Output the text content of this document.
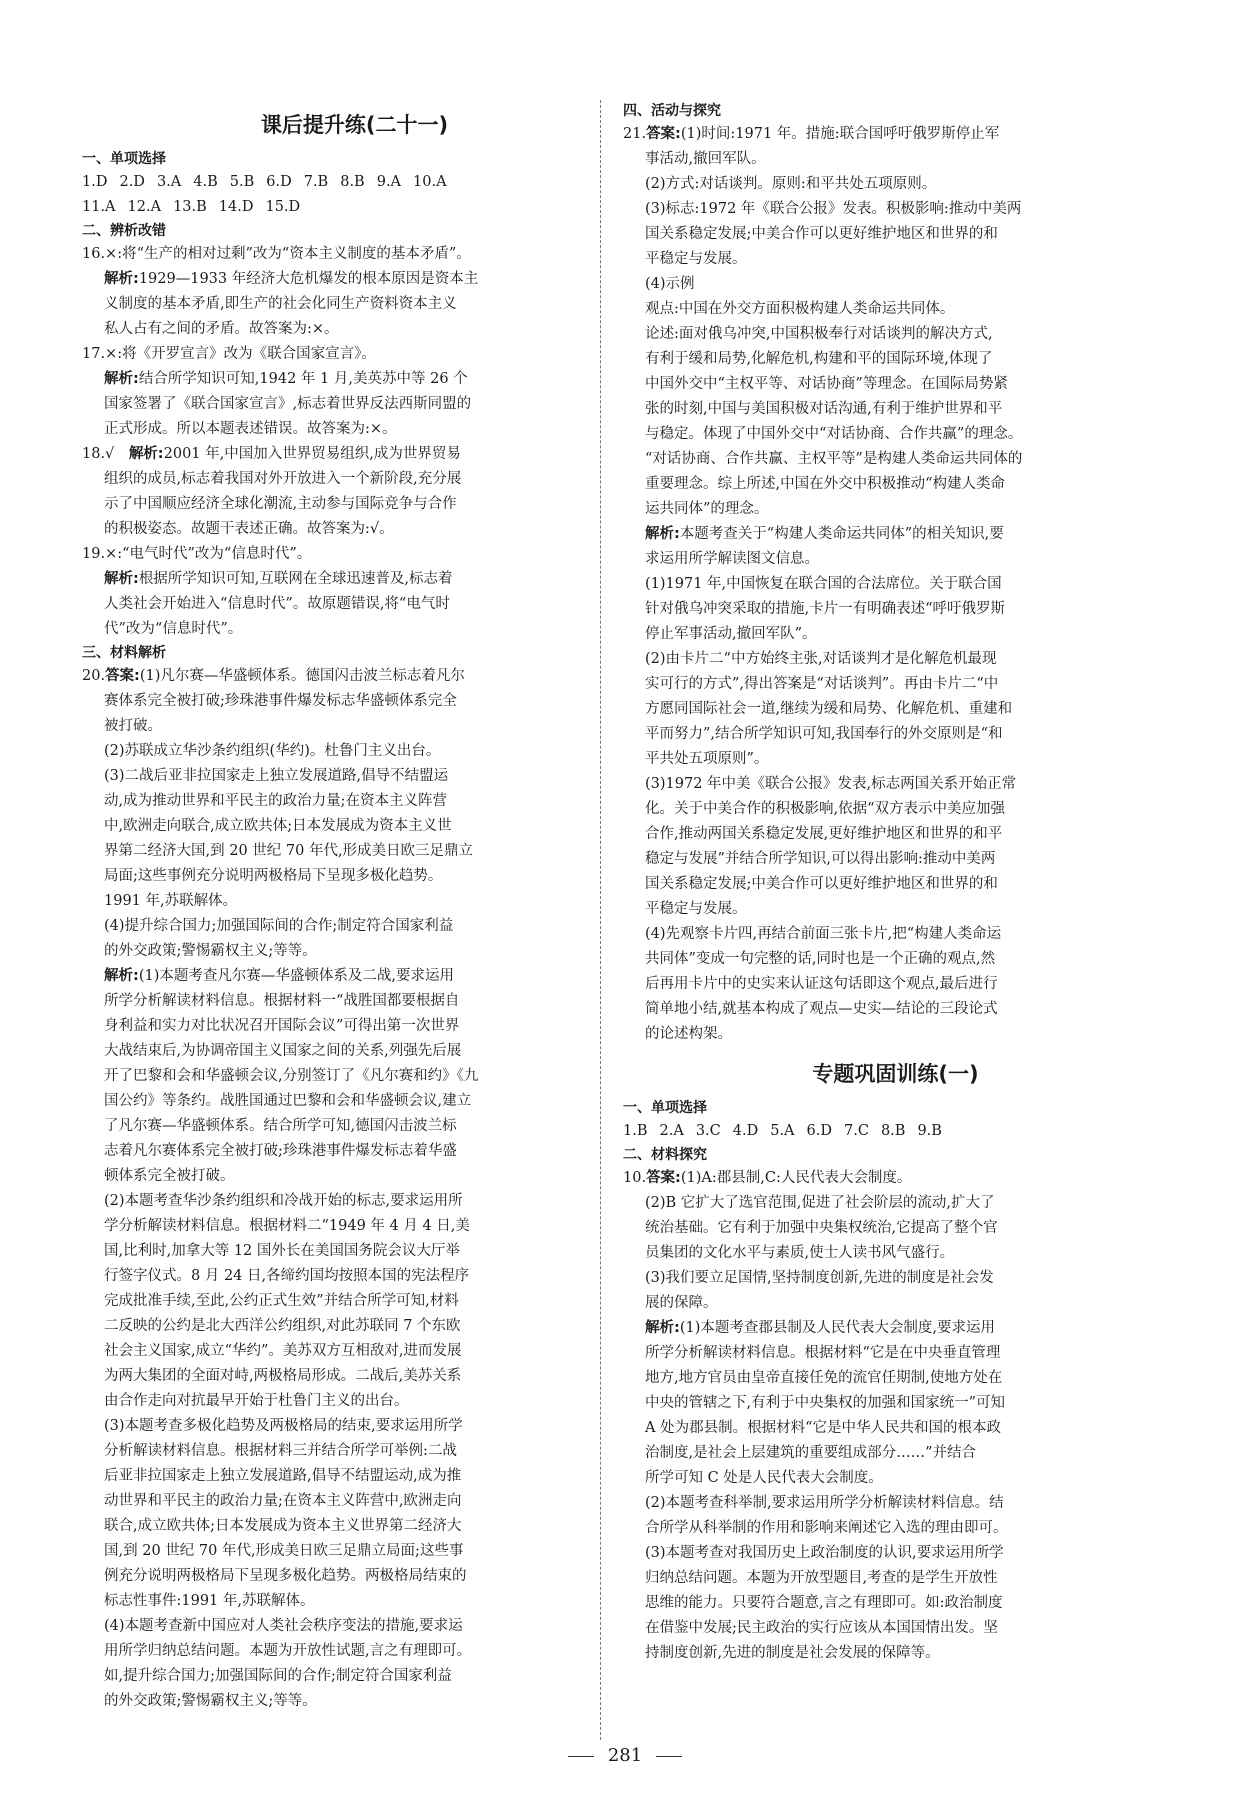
课后提升练(二十一)
一、单项选择
1.D 2.D 3.A 4.B 5.B 6.D 7.B 8.B 9.A 10.A
11.A 12.A 13.B 14.D 15.D
二、辨析改错
16.×:将“生产的相对过剩”改为“资本主义制度的基本矛盾”。
解析:1929—1933 年经济大危机爆发的根本原因是资本主
义制度的基本矛盾,即生产的社会化同生产资料资本主义
私人占有之间的矛盾。故答案为:×。
17.×:将《开罗宣言》改为《联合国家宣言》。
解析:结合所学知识可知,1942 年 1 月,美英苏中等 26 个
国家签署了《联合国家宣言》,标志着世界反法西斯同盟的
正式形成。所以本题表述错误。故答案为:×。
18.√　解析:2001 年,中国加入世界贸易组织,成为世界贸易
组织的成员,标志着我国对外开放进入一个新阶段,充分展
示了中国顺应经济全球化潮流,主动参与国际竞争与合作
的积极姿态。故题干表述正确。故答案为:√。
19.×:“电气时代”改为“信息时代”。
解析:根据所学知识可知,互联网在全球迅速普及,标志着
人类社会开始进入“信息时代”。故原题错误,将“电气时
代”改为“信息时代”。
三、材料解析
20.答案:(1)凡尔赛—华盛顿体系。德国闪击波兰标志着凡尔
赛体系完全被打破;珍珠港事件爆发标志华盛顿体系完全
被打破。
(2)苏联成立华沙条约组织(华约)。杜鲁门主义出台。
(3)二战后亚非拉国家走上独立发展道路,倡导不结盟运
动,成为推动世界和平民主的政治力量;在资本主义阵营
中,欧洲走向联合,成立欧共体;日本发展成为资本主义世
界第二经济大国,到 20 世纪 70 年代,形成美日欧三足鼎立
局面;这些事例充分说明两极格局下呈现多极化趋势。
1991 年,苏联解体。
(4)提升综合国力;加强国际间的合作;制定符合国家利益
的外交政策;警惕霸权主义;等等。
解析:(1)本题考查凡尔赛—华盛顿体系及二战,要求运用
所学分析解读材料信息。根据材料一“战胜国都要根据自
身利益和实力对比状况召开国际会议”可得出第一次世界
大战结束后,为协调帝国主义国家之间的关系,列强先后展
开了巴黎和会和华盛顿会议,分别签订了《凡尔赛和约》《九
国公约》等条约。战胜国通过巴黎和会和华盛顿会议,建立
了凡尔赛—华盛顿体系。结合所学可知,德国闪击波兰标
志着凡尔赛体系完全被打破;珍珠港事件爆发标志着华盛
顿体系完全被打破。
(2)本题考查华沙条约组织和冷战开始的标志,要求运用所
学分析解读材料信息。根据材料二“1949 年 4 月 4 日,美
国,比利时,加拿大等 12 国外长在美国国务院会议大厅举
行签字仪式。8 月 24 日,各缔约国均按照本国的宪法程序
完成批准手续,至此,公约正式生效”并结合所学可知,材料
二反映的公约是北大西洋公约组织,对此苏联同 7 个东欧
社会主义国家,成立“华约”。美苏双方互相敌对,进而发展
为两大集团的全面对峙,两极格局形成。二战后,美苏关系
由合作走向对抗最早开始于杜鲁门主义的出台。
(3)本题考查多极化趋势及两极格局的结束,要求运用所学
分析解读材料信息。根据材料三并结合所学可举例:二战
后亚非拉国家走上独立发展道路,倡导不结盟运动,成为推
动世界和平民主的政治力量;在资本主义阵营中,欧洲走向
联合,成立欧共体;日本发展成为资本主义世界第二经济大
国,到 20 世纪 70 年代,形成美日欧三足鼎立局面;这些事
例充分说明两极格局下呈现多极化趋势。两极格局结束的
标志性事件:1991 年,苏联解体。
(4)本题考查新中国应对人类社会秩序变法的措施,要求运
用所学归纳总结问题。本题为开放性试题,言之有理即可。
如,提升综合国力;加强国际间的合作;制定符合国家利益
的外交政策;警惕霸权主义;等等。
四、活动与探究
21.答案:(1)时间:1971 年。措施:联合国呼吁俄罗斯停止军
事活动,撤回军队。
(2)方式:对话谈判。原则:和平共处五项原则。
(3)标志:1972 年《联合公报》发表。积极影响:推动中美两
国关系稳定发展;中美合作可以更好维护地区和世界的和
平稳定与发展。
(4)示例
观点:中国在外交方面积极构建人类命运共同体。
论述:面对俄乌冲突,中国积极奉行对话谈判的解决方式,
有利于缓和局势,化解危机,构建和平的国际环境,体现了
中国外交中“主权平等、对话协商”等理念。在国际局势紧
张的时刻,中国与美国积极对话沟通,有利于维护世界和平
与稳定。体现了中国外交中“对话协商、合作共赢”的理念。
“对话协商、合作共赢、主权平等”是构建人类命运共同体的
重要理念。综上所述,中国在外交中积极推动“构建人类命
运共同体”的理念。
解析:本题考查关于“构建人类命运共同体”的相关知识,要
求运用所学解读图文信息。
(1)1971 年,中国恢复在联合国的合法席位。关于联合国
针对俄乌冲突采取的措施,卡片一有明确表述“呼吁俄罗斯
停止军事活动,撤回军队”。
(2)由卡片二“中方始终主张,对话谈判才是化解危机最现
实可行的方式”,得出答案是“对话谈判”。再由卡片二“中
方愿同国际社会一道,继续为缓和局势、化解危机、重建和
平而努力”,结合所学知识可知,我国奉行的外交原则是“和
平共处五项原则”。
(3)1972 年中美《联合公报》发表,标志两国关系开始正常
化。关于中美合作的积极影响,依据“双方表示中美应加强
合作,推动两国关系稳定发展,更好维护地区和世界的和平
稳定与发展”并结合所学知识,可以得出影响:推动中美两
国关系稳定发展;中美合作可以更好维护地区和世界的和
平稳定与发展。
(4)先观察卡片四,再结合前面三张卡片,把“构建人类命运
共同体”变成一句完整的话,同时也是一个正确的观点,然
后再用卡片中的史实来认证这句话即这个观点,最后进行
简单地小结,就基本构成了观点—史实—结论的三段论式
的论述构架。
专题巩固训练(一)
一、单项选择
1.B 2.A 3.C 4.D 5.A 6.D 7.C 8.B 9.B
二、材料探究
10.答案:(1)A:郡县制,C:人民代表大会制度。
(2)B 它扩大了选官范围,促进了社会阶层的流动,扩大了
统治基础。它有利于加强中央集权统治,它提高了整个官
员集团的文化水平与素质,使士人读书风气盛行。
(3)我们要立足国情,坚持制度创新,先进的制度是社会发
展的保障。
解析:(1)本题考查郡县制及人民代表大会制度,要求运用
所学分析解读材料信息。根据材料“它是在中央垂直管理
地方,地方官员由皇帝直接任免的流官任期制,使地方处在
中央的管辖之下,有利于中央集权的加强和国家统一”可知
A 处为郡县制。根据材料“它是中华人民共和国的根本政
治制度,是社会上层建筑的重要组成部分……”并结合
所学可知 C 处是人民代表大会制度。
(2)本题考查科举制,要求运用所学分析解读材料信息。结
合所学从科举制的作用和影响来阐述它入选的理由即可。
(3)本题考查对我国历史上政治制度的认识,要求运用所学
归纳总结问题。本题为开放型题目,考查的是学生开放性
思维的能力。只要符合题意,言之有理即可。如:政治制度
在借鉴中发展;民主政治的实行应该从本国国情出发。坚
持制度创新,先进的制度是社会发展的保障等。
281
